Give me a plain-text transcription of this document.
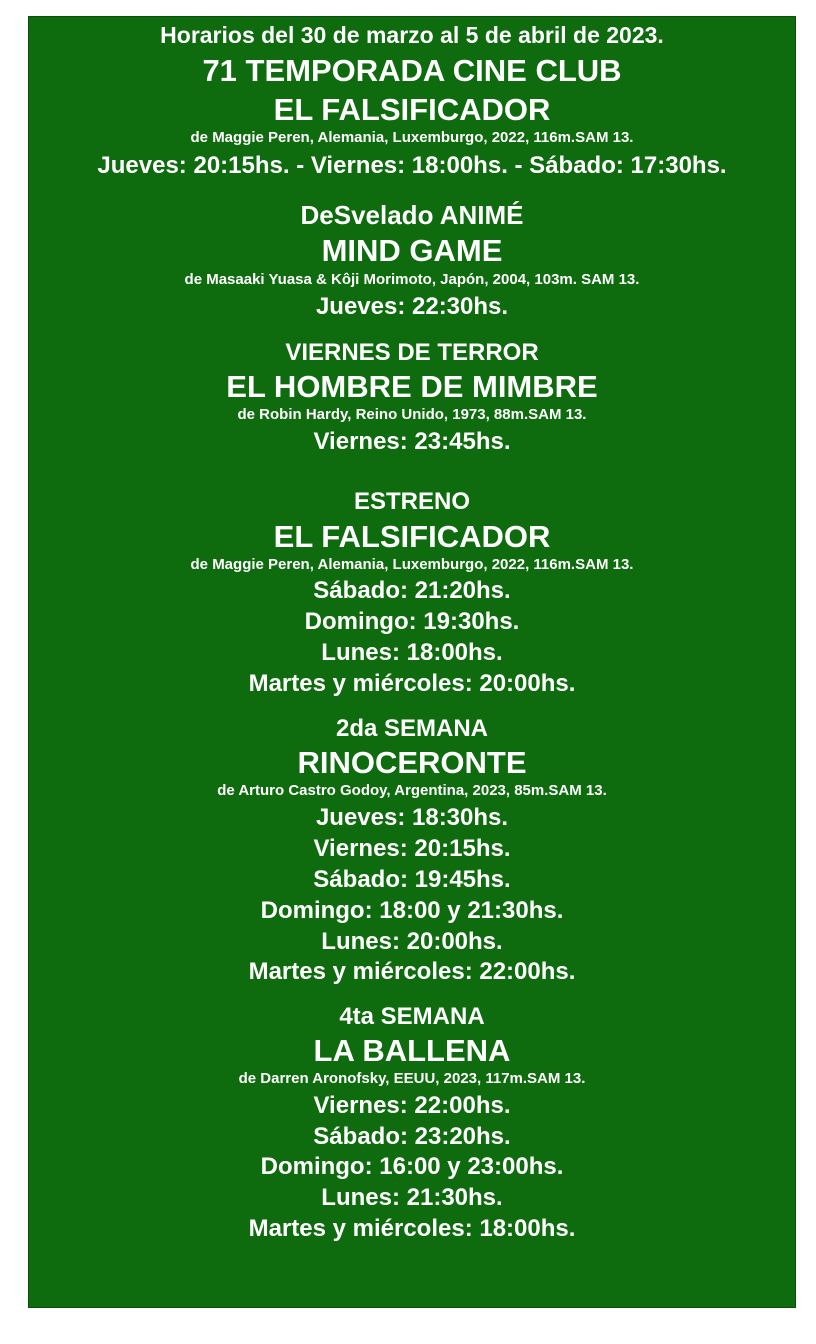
Horarios del 30 de marzo al 5 de abril de 2023.
71 TEMPORADA CINE CLUB
EL FALSIFICADOR
de Maggie Peren, Alemania, Luxemburgo, 2022, 116m.SAM 13.
Jueves: 20:15hs. - Viernes: 18:00hs. - Sábado: 17:30hs.
DeSvelado ANIMÉ
MIND GAME
de Masaaki Yuasa & Kôji Morimoto, Japón, 2004, 103m. SAM 13.
Jueves: 22:30hs.
VIERNES DE TERROR
EL HOMBRE DE MIMBRE
de Robin Hardy, Reino Unido, 1973, 88m.SAM 13.
Viernes: 23:45hs.
ESTRENO
EL FALSIFICADOR
de Maggie Peren, Alemania, Luxemburgo, 2022, 116m.SAM 13.
Sábado: 21:20hs.
Domingo: 19:30hs.
Lunes: 18:00hs.
Martes y miércoles: 20:00hs.
2da SEMANA
RINOCERONTE
de Arturo Castro Godoy, Argentina, 2023, 85m.SAM 13.
Jueves: 18:30hs.
Viernes: 20:15hs.
Sábado: 19:45hs.
Domingo: 18:00 y 21:30hs.
Lunes: 20:00hs.
Martes y miércoles: 22:00hs.
4ta SEMANA
LA BALLENA
de Darren Aronofsky, EEUU, 2023, 117m.SAM 13.
Viernes: 22:00hs.
Sábado: 23:20hs.
Domingo: 16:00 y 23:00hs.
Lunes: 21:30hs.
Martes y miércoles: 18:00hs.
